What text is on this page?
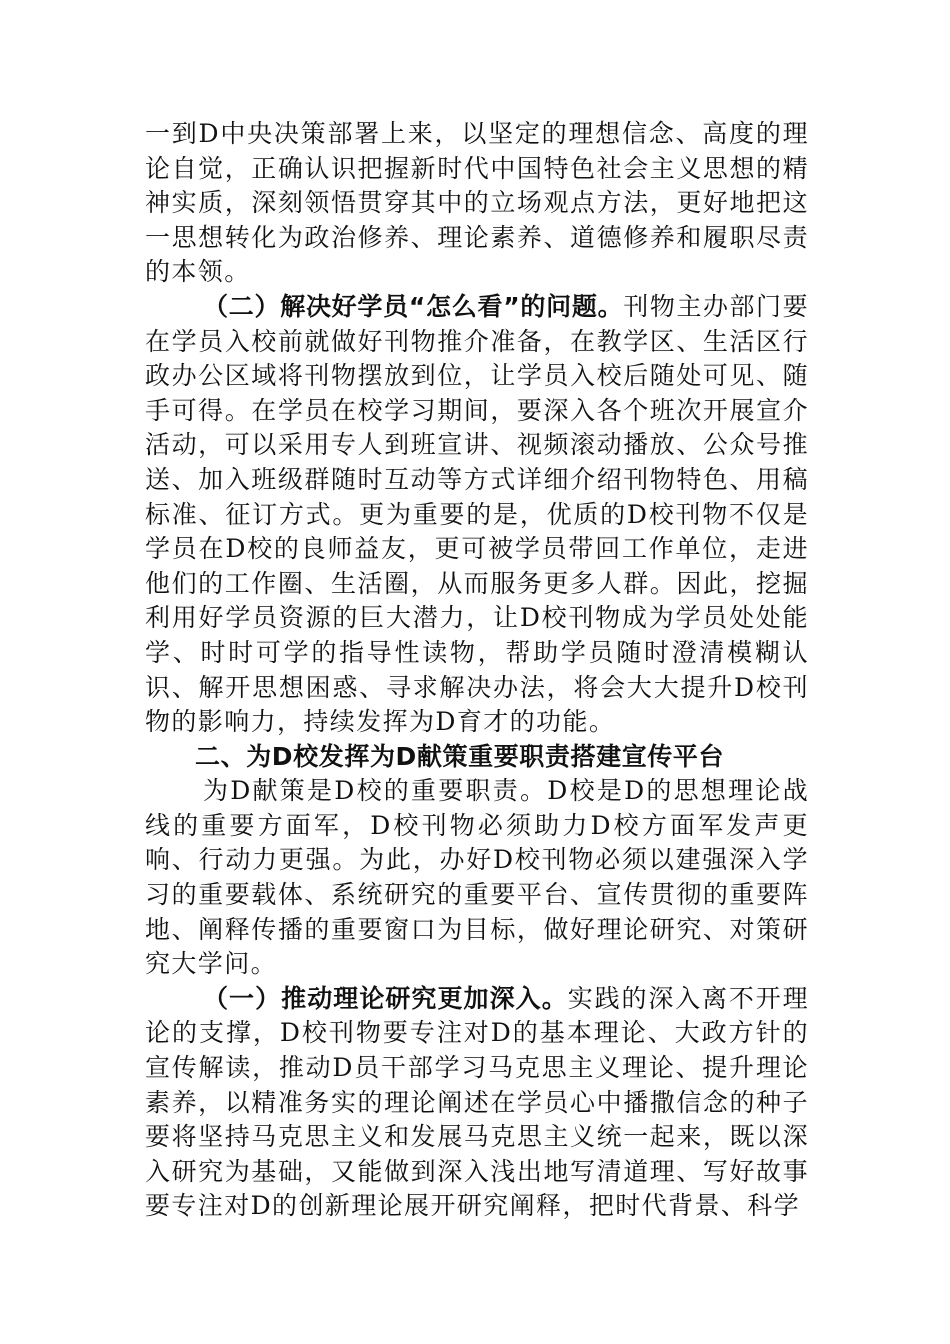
一到D中央决策部署上来，以坚定的理想信念、高度的理论自觉，正确认识把握新时代中国特色社会主义思想的精神实质，深刻领悟贯穿其中的立场观点方法，更好地把这一思想转化为政治修养、理论素养、道德修养和履职尽责的本领。

（二）解决好学员“怎么看”的问题。刊物主办部门要在学员入校前就做好刊物推介准备，在教学区、生活区行政办公区域将刊物摆放到位，让学员入校后随处可见、随手可得。在学员在校学习期间，要深入各个班次开展宣介活动，可以采用专人到班宣讲、视频滚动播放、公众号推送、加入班级群随时互动等方式详细介绍刊物特色、用稿标准、征订方式。更为重要的是，优质的D校刊物不仅是学员在D校的良师益友，更可被学员带回工作单位，走进他们的工作圈、生活圈，从而服务更多人群。因此，挖掘利用好学员资源的巨大潜力，让D校刊物成为学员处处能学、时时可学的指导性读物，帮助学员随时澄清模糊认识、解开思想困惑、寻求解决办法，将会大大提升D校刊物的影响力，持续发挥为D育才的功能。

二、为D校发挥为D献策重要职责搭建宣传平台

为D献策是D校的重要职责。D校是D的思想理论战线的重要方面军，D校刊物必须助力D校方面军发声更响、行动力更强。为此，办好D校刊物必须以建强深入学习的重要载体、系统研究的重要平台、宣传贯彻的重要阵地、阐释传播的重要窗口为目标，做好理论研究、对策研究大学问。

（一）推动理论研究更加深入。实践的深入离不开理论的支撑，D校刊物要专注对D的基本理论、大政方针的宣传解读，推动D员干部学习马克思主义理论、提升理论素养，以精准务实的理论阐述在学员心中播撒信念的种子要将坚持马克思主义和发展马克思主义统一起来，既以深入研究为基础，又能做到深入浅出地写清道理、写好故事要专注对D的创新理论展开研究阐释，把时代背景、科学
